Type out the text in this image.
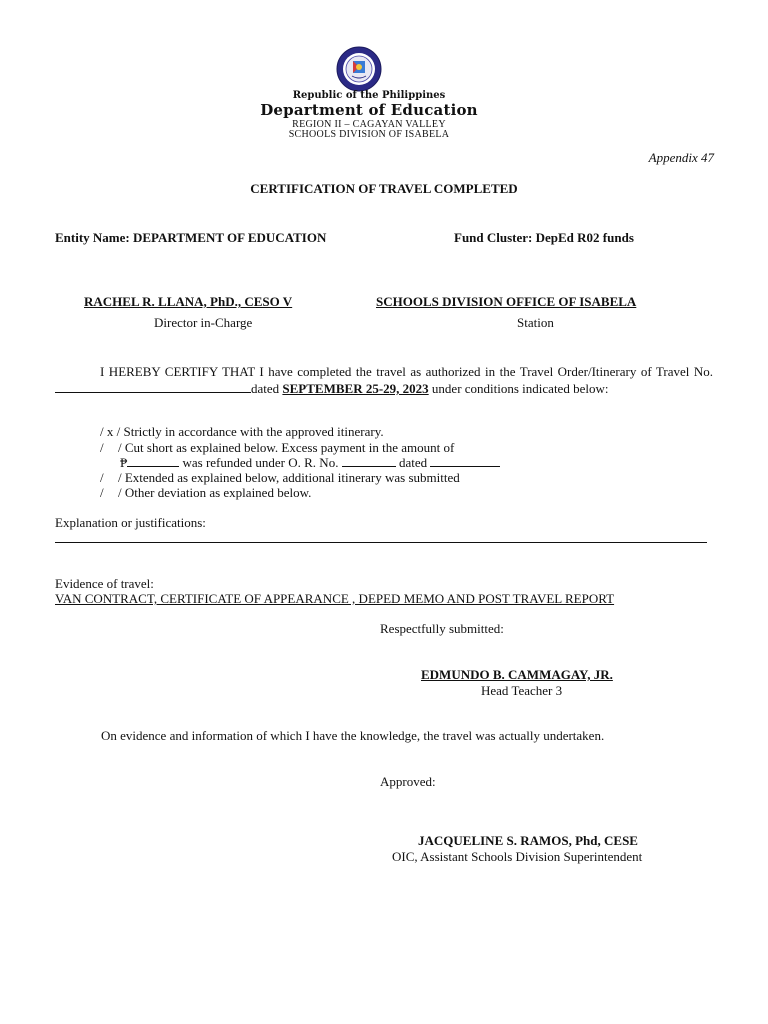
Republic of the Philippines
Department of Education
REGION II – CAGAYAN VALLEY
SCHOOLS DIVISION OF ISABELA
Appendix 47
CERTIFICATION OF TRAVEL COMPLETED
Entity Name: DEPARTMENT OF EDUCATION	Fund Cluster: DepEd R02 funds
RACHEL R. LLANA, PhD., CESO V
Director in-Charge
SCHOOLS DIVISION OFFICE OF ISABELA
Station
I HEREBY CERTIFY THAT I have completed the travel as authorized in the Travel Order/Itinerary of Travel No. dated SEPTEMBER 25-29, 2023 under conditions indicated below:
/ x / Strictly in accordance with the approved itinerary.
/ / Cut short as explained below. Excess payment in the amount of
₱	was refunded under O. R. No.	dated
/ / Extended as explained below, additional itinerary was submitted
/ / Other deviation as explained below.
Explanation or justifications:
Evidence of travel:
VAN CONTRACT, CERTIFICATE OF APPEARANCE , DEPED MEMO AND POST TRAVEL REPORT
Respectfully submitted:
EDMUNDO B. CAMMAGAY, JR.
Head Teacher 3
On evidence and information of which I have the knowledge, the travel was actually undertaken.
Approved:
JACQUELINE S. RAMOS, Phd, CESE
OIC, Assistant Schools Division Superintendent
